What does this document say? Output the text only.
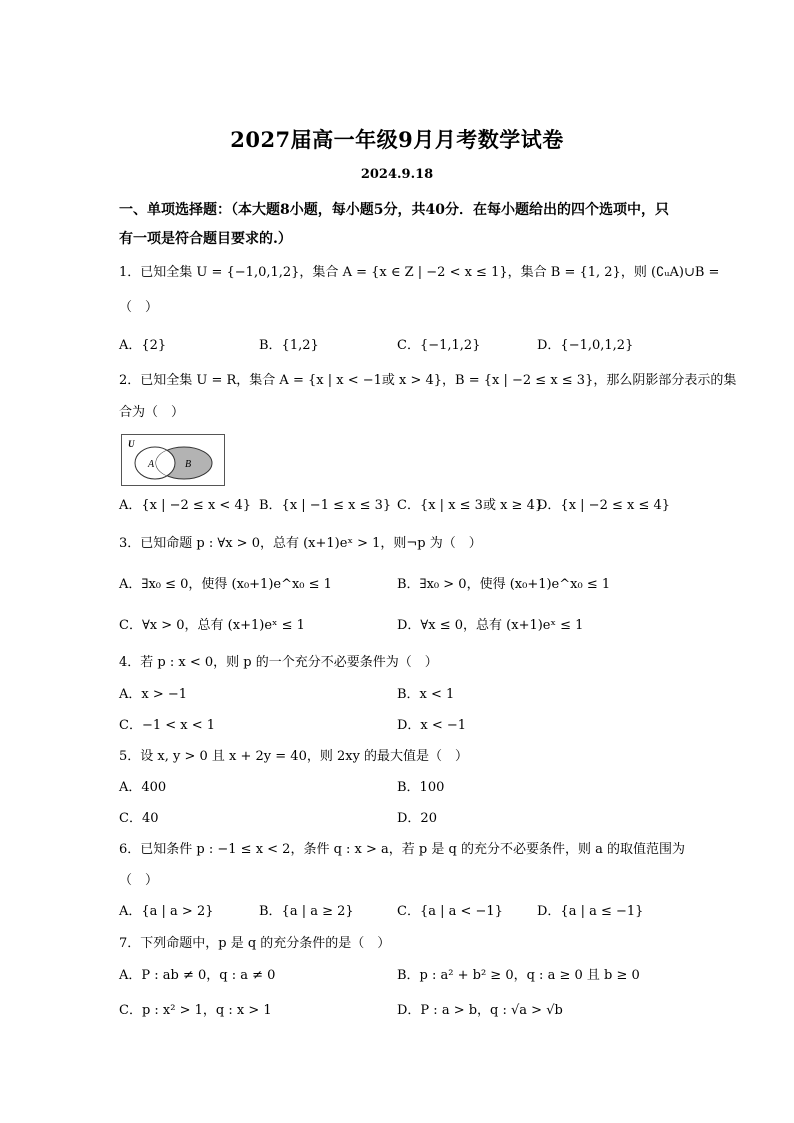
2027届高一年级9月月考数学试卷
2024.9.18
一、单项选择题：（本大题8小题，每小题5分，共40分．在每小题给出的四个选项中，只有一项是符合题目要求的.）
1．已知全集 U = {−1,0,1,2}，集合 A = {x ∈ Z | −2 < x ≤ 1}，集合 B = {1, 2}，则 (∁ᵤA)∪B =
（　）
A．{2}	B．{1,2}	C．{−1,1,2}	D．{−1,0,1,2}
2．已知全集 U = R，集合 A = {x | x < −1或 x > 4}，B = {x | −2 ≤ x ≤ 3}，那么阴影部分表示的集
合为（　）
U
A	B
A．{x | −2 ≤ x < 4} B．{x | −1 ≤ x ≤ 3} C．{x | x ≤ 3或 x ≥ 4}
D．{x | −2 ≤ x ≤ 4}
3．已知命题 p : ∀x > 0，总有 (x+1)eˣ > 1，则¬p 为（　）
A．∃x₀ ≤ 0，使得 (x₀+1)e^x₀ ≤ 1	B．∃x₀ > 0，使得 (x₀+1)e^x₀ ≤ 1
C．∀x > 0，总有 (x+1)eˣ ≤ 1	D．∀x ≤ 0，总有 (x+1)eˣ ≤ 1
4．若 p : x < 0，则 p 的一个充分不必要条件为（　）
A．x > −1	B．x < 1
C．−1 < x < 1	D．x < −1
5．设 x, y > 0 且 x + 2y = 40，则 2xy 的最大值是（　）
A．400	B．100
C．40	D．20
6．已知条件 p : −1 ≤ x < 2，条件 q : x > a，若 p 是 q 的充分不必要条件，则 a 的取值范围为
（　）
A．{a | a > 2}	B．{a | a ≥ 2}	C．{a | a < −1}	D．{a | a ≤ −1}
7．下列命题中，p 是 q 的充分条件的是（　）
A．P : ab ≠ 0，q : a ≠ 0	B．p : a² + b² ≥ 0，q : a ≥ 0 且 b ≥ 0
C．p : x² > 1，q : x > 1	D．P : a > b，q : √a > √b
